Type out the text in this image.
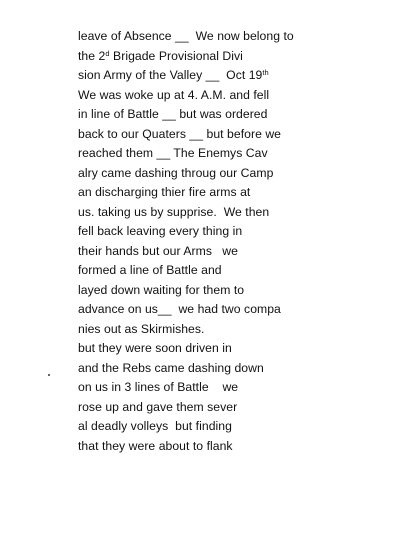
leave of Absence __  We now belong to
the 2$^d$ Brigade Provisional Divi
sion Army of the Valley __  Oct 19th
We was woke up at 4. A.M. and fell
in line of Battle __ but was ordered
back to our Quaters __ but before we
reached them __ The Enemys Cav
alry came dashing throug our Camp
an discharging thier fire arms at
us. taking us by supprise.  We then
fell back leaving every thing in
their hands but our Arms   we
formed a line of Battle and
layed down waiting for them to
advance on us__  we had two compa
nies out as Skirmishes.
but they were soon driven in
and the Rebs came dashing down
on us in 3 lines of Battle    we
rose up and gave them sever
al deadly volleys  but finding
that they were about to flank
